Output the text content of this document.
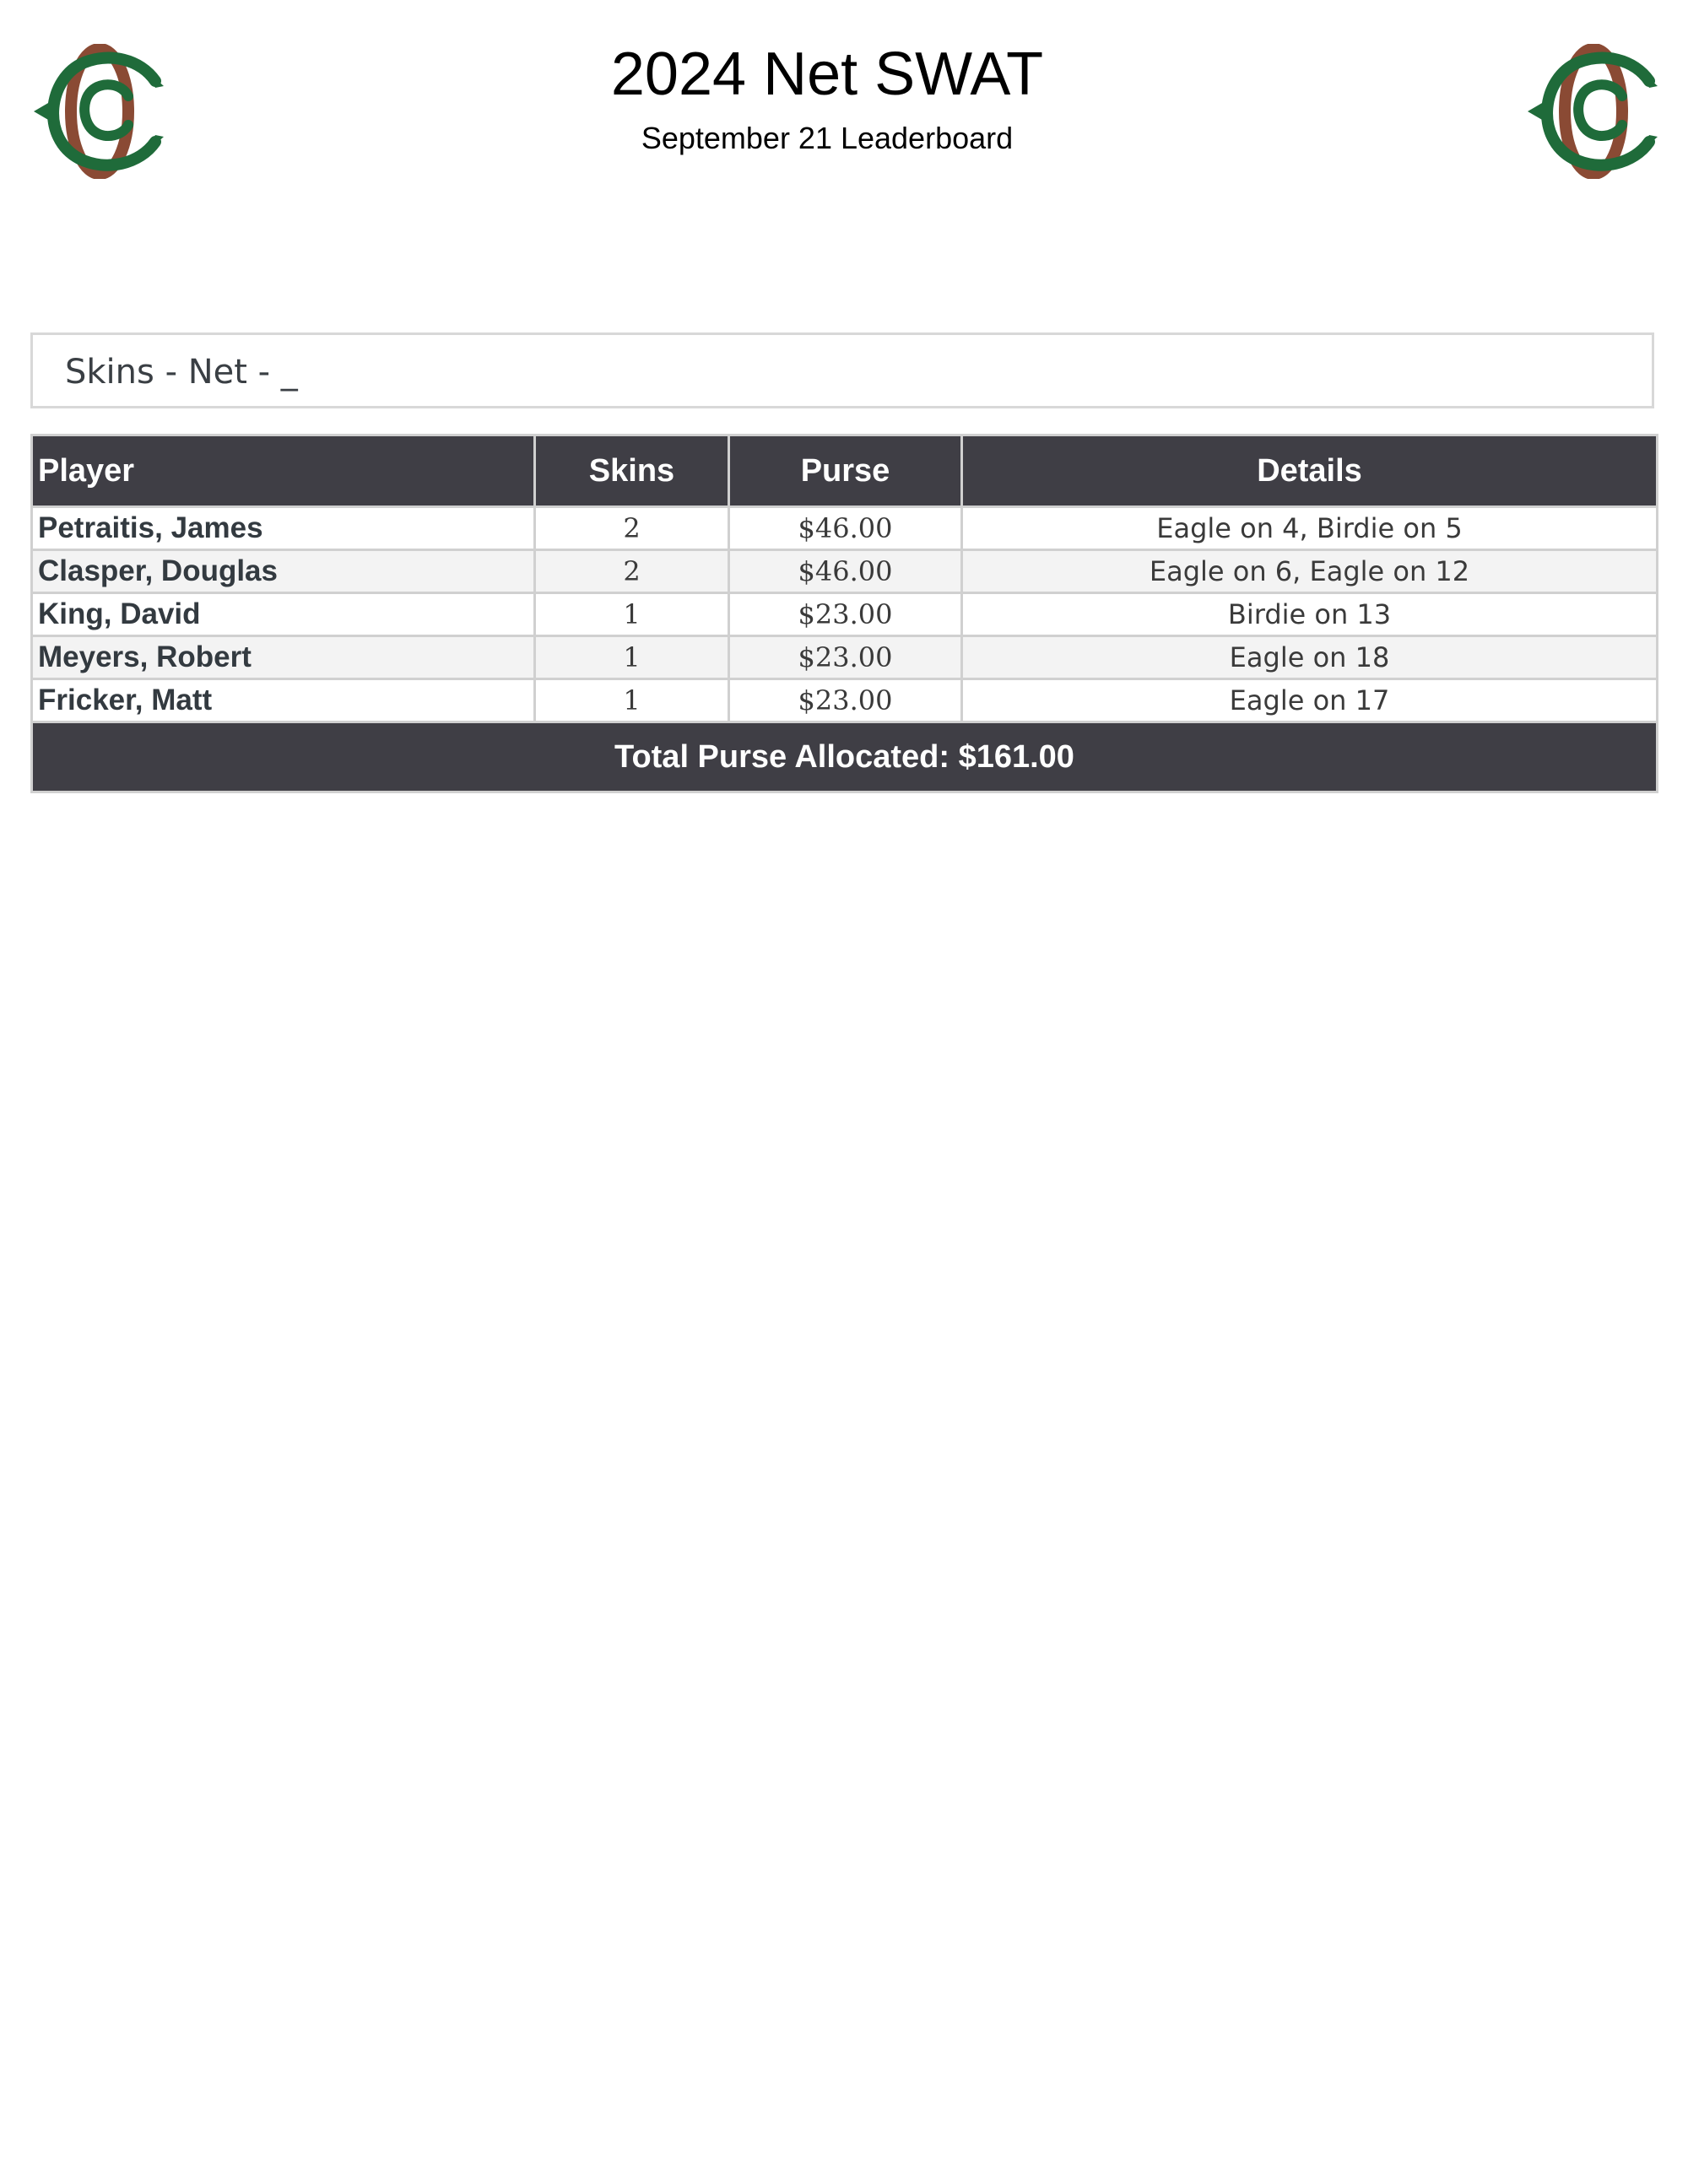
2024 Net SWAT
September 21 Leaderboard
Skins - Net - _
Player	Skins	Purse	Details
Petraitis, James	2	$46.00	Eagle on 4, Birdie on 5
Clasper, Douglas	2	$46.00	Eagle on 6, Eagle on 12
King, David	1	$23.00	Birdie on 13
Meyers, Robert	1	$23.00	Eagle on 18
Fricker, Matt	1	$23.00	Eagle on 17
Total Purse Allocated: $161.00			
